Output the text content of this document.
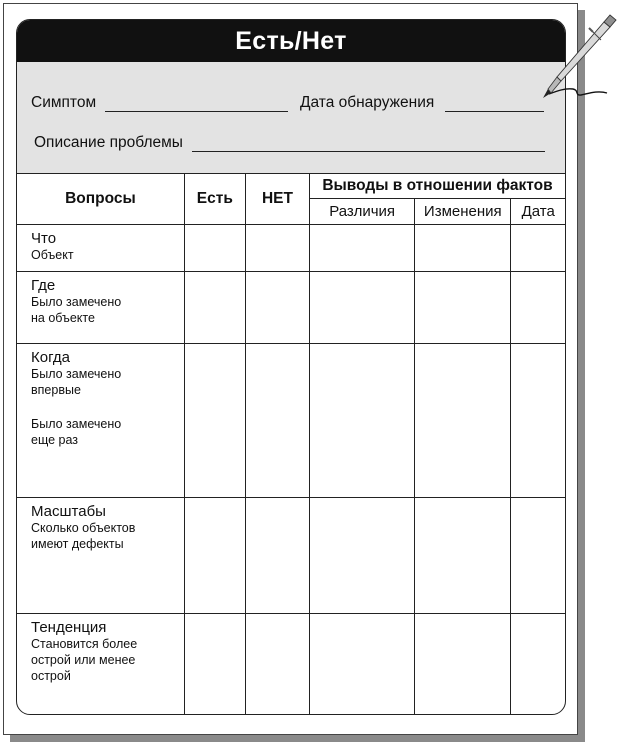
Есть/Нет
Симптом	Дата обнаружения
Описание проблемы
Вопросы	Есть	НЕТ	Выводы в отношении фактов		
			Различия	Изменения	Дата

Что
Объект					

Где
Было замечено
на объекте					

Когда
Было замечено
впервые
Было замечено
еще раз					

Масштабы
Сколько объектов
имеют дефекты					

Тенденция
Становится более
острой или менее
острой					
